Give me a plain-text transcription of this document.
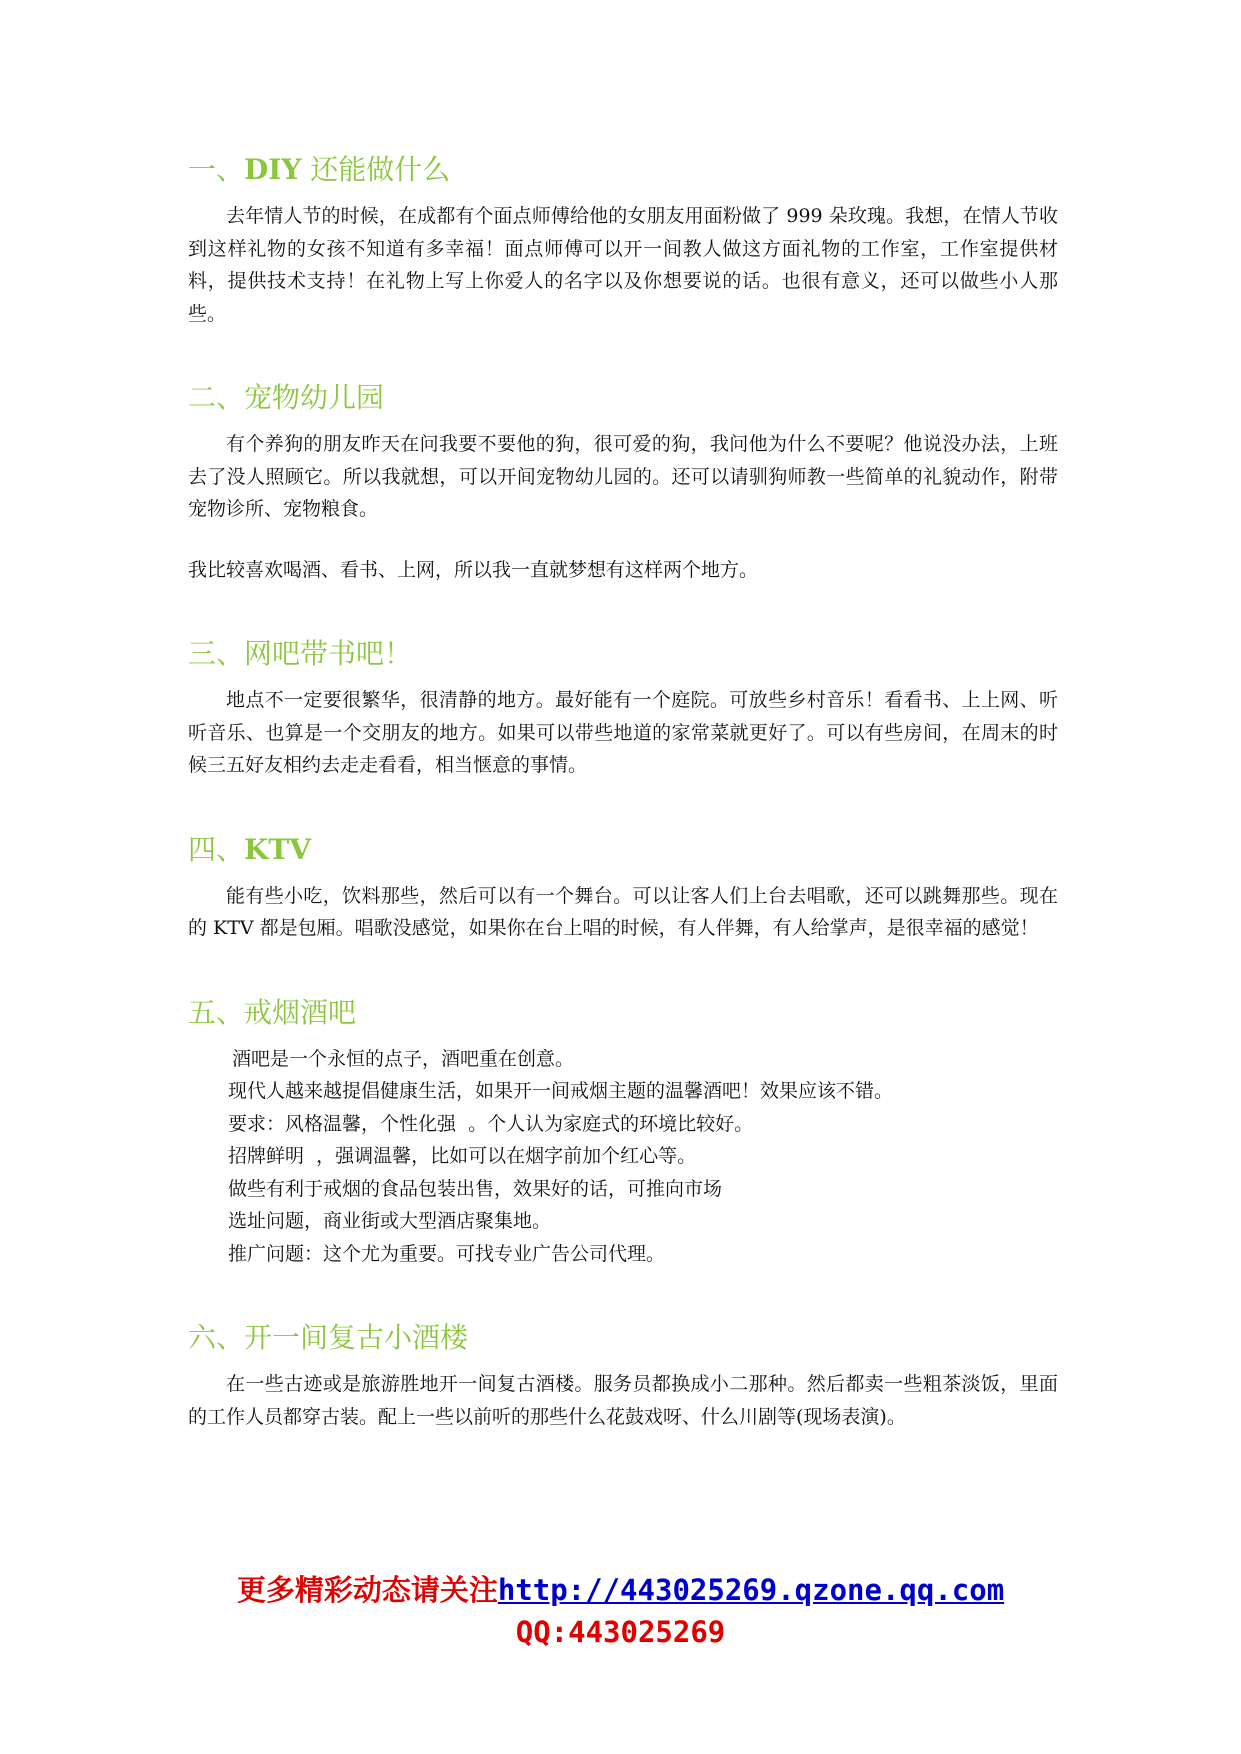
一、DIY 还能做什么

去年情人节的时候，在成都有个面点师傅给他的女朋友用面粉做了 999 朵玫瑰。我想，在情人节收到这样礼物的女孩不知道有多幸福！面点师傅可以开一间教人做这方面礼物的工作室，工作室提供材料，提供技术支持！在礼物上写上你爱人的名字以及你想要说的话。也很有意义，还可以做些小人那些。

二、宠物幼儿园

有个养狗的朋友昨天在问我要不要他的狗，很可爱的狗，我问他为什么不要呢？他说没办法，上班去了没人照顾它。所以我就想，可以开间宠物幼儿园的。还可以请驯狗师教一些简单的礼貌动作，附带宠物诊所、宠物粮食。

我比较喜欢喝酒、看书、上网，所以我一直就梦想有这样两个地方。

三、网吧带书吧！

地点不一定要很繁华，很清静的地方。最好能有一个庭院。可放些乡村音乐！看看书、上上网、听听音乐、也算是一个交朋友的地方。如果可以带些地道的家常菜就更好了。可以有些房间，在周末的时候三五好友相约去走走看看，相当惬意的事情。

四、KTV

能有些小吃，饮料那些，然后可以有一个舞台。可以让客人们上台去唱歌，还可以跳舞那些。现在的 KTV 都是包厢。唱歌没感觉，如果你在台上唱的时候，有人伴舞，有人给掌声，是很幸福的感觉！

五、戒烟酒吧

酒吧是一个永恒的点子，酒吧重在创意。

现代人越来越提倡健康生活，如果开一间戒烟主题的温馨酒吧！效果应该不错。

要求：风格温馨，个性化强  。个人认为家庭式的环境比较好。

招牌鲜明  ，强调温馨，比如可以在烟字前加个红心等。

做些有利于戒烟的食品包装出售，效果好的话，可推向市场

选址问题，商业街或大型酒店聚集地。

推广问题：这个尤为重要。可找专业广告公司代理。

六、开一间复古小酒楼

在一些古迹或是旅游胜地开一间复古酒楼。服务员都换成小二那种。然后都卖一些粗茶淡饭，里面的工作人员都穿古装。配上一些以前听的那些什么花鼓戏呀、什么川剧等(现场表演)。

更多精彩动态请关注http://443025269.qzone.qq.com
QQ:443025269
